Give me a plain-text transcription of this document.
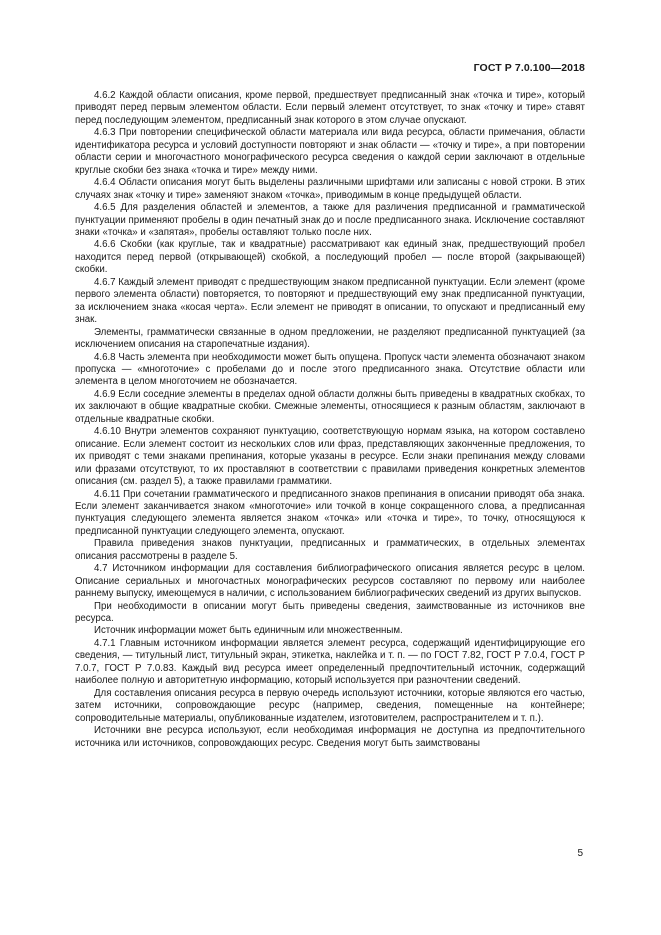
ГОСТ Р 7.0.100—2018

4.6.2 Каждой области описания, кроме первой, предшествует предписанный знак «точка и тире», который приводят перед первым элементом области. Если первый элемент отсутствует, то знак «точку и тире» ставят перед последующим элементом, предписанный знак которого в этом случае опускают.

4.6.3 При повторении специфической области материала или вида ресурса, области примечания, области идентификатора ресурса и условий доступности повторяют и знак области — «точку и тире», а при повторении области серии и многочастного монографического ресурса сведения о каждой серии заключают в отдельные круглые скобки без знака «точка и тире» между ними.

4.6.4 Области описания могут быть выделены различными шрифтами или записаны с новой строки. В этих случаях знак «точку и тире» заменяют знаком «точка», приводимым в конце предыдущей области.

4.6.5 Для разделения областей и элементов, а также для различения предписанной и грамматической пунктуации применяют пробелы в один печатный знак до и после предписанного знака. Исключение составляют знаки «точка» и «запятая», пробелы оставляют только после них.

4.6.6 Скобки (как круглые, так и квадратные) рассматривают как единый знак, предшествующий пробел находится перед первой (открывающей) скобкой, а последующий пробел — после второй (закрывающей) скобки.

4.6.7 Каждый элемент приводят с предшествующим знаком предписанной пунктуации. Если элемент (кроме первого элемента области) повторяется, то повторяют и предшествующий ему знак предписанной пунктуации, за исключением знака «косая черта». Если элемент не приводят в описании, то опускают и предписанный ему знак.

Элементы, грамматически связанные в одном предложении, не разделяют предписанной пунктуацией (за исключением описания на старопечатные издания).

4.6.8 Часть элемента при необходимости может быть опущена. Пропуск части элемента обозначают знаком пропуска — «многоточие» с пробелами до и после этого предписанного знака. Отсутствие области или элемента в целом многоточием не обозначается.

4.6.9 Если соседние элементы в пределах одной области должны быть приведены в квадратных скобках, то их заключают в общие квадратные скобки. Смежные элементы, относящиеся к разным областям, заключают в отдельные квадратные скобки.

4.6.10 Внутри элементов сохраняют пунктуацию, соответствующую нормам языка, на котором составлено описание. Если элемент состоит из нескольких слов или фраз, представляющих законченные предложения, то их приводят с теми знаками препинания, которые указаны в ресурсе. Если знаки препинания между словами или фразами отсутствуют, то их проставляют в соответствии с правилами приведения конкретных элементов описания (см. раздел 5), а также правилами грамматики.

4.6.11 При сочетании грамматического и предписанного знаков препинания в описании приводят оба знака. Если элемент заканчивается знаком «многоточие» или точкой в конце сокращенного слова, а предписанная пунктуация следующего элемента является знаком «точка» или «точка и тире», то точку, относящуюся к предписанной пунктуации следующего элемента, опускают.

Правила приведения знаков пунктуации, предписанных и грамматических, в отдельных элементах описания рассмотрены в разделе 5.

4.7 Источником информации для составления библиографического описания является ресурс в целом. Описание сериальных и многочастных монографических ресурсов составляют по первому или наиболее раннему выпуску, имеющемуся в наличии, с использованием библиографических сведений из других выпусков.

При необходимости в описании могут быть приведены сведения, заимствованные из источников вне ресурса.

Источник информации может быть единичным или множественным.

4.7.1 Главным источником информации является элемент ресурса, содержащий идентифицирующие его сведения, — титульный лист, титульный экран, этикетка, наклейка и т. п. — по ГОСТ 7.82, ГОСТ Р 7.0.4, ГОСТ Р 7.0.7, ГОСТ Р 7.0.83. Каждый вид ресурса имеет определенный предпочтительный источник, содержащий наиболее полную и авторитетную информацию, который используется при разночтении сведений.

Для составления описания ресурса в первую очередь используют источники, которые являются его частью, затем источники, сопровождающие ресурс (например, сведения, помещенные на контейнере; сопроводительные материалы, опубликованные издателем, изготовителем, распространителем и т. п.).

Источники вне ресурса используют, если необходимая информация не доступна из предпочтительного источника или источников, сопровождающих ресурс. Сведения могут быть заимствованы

5
